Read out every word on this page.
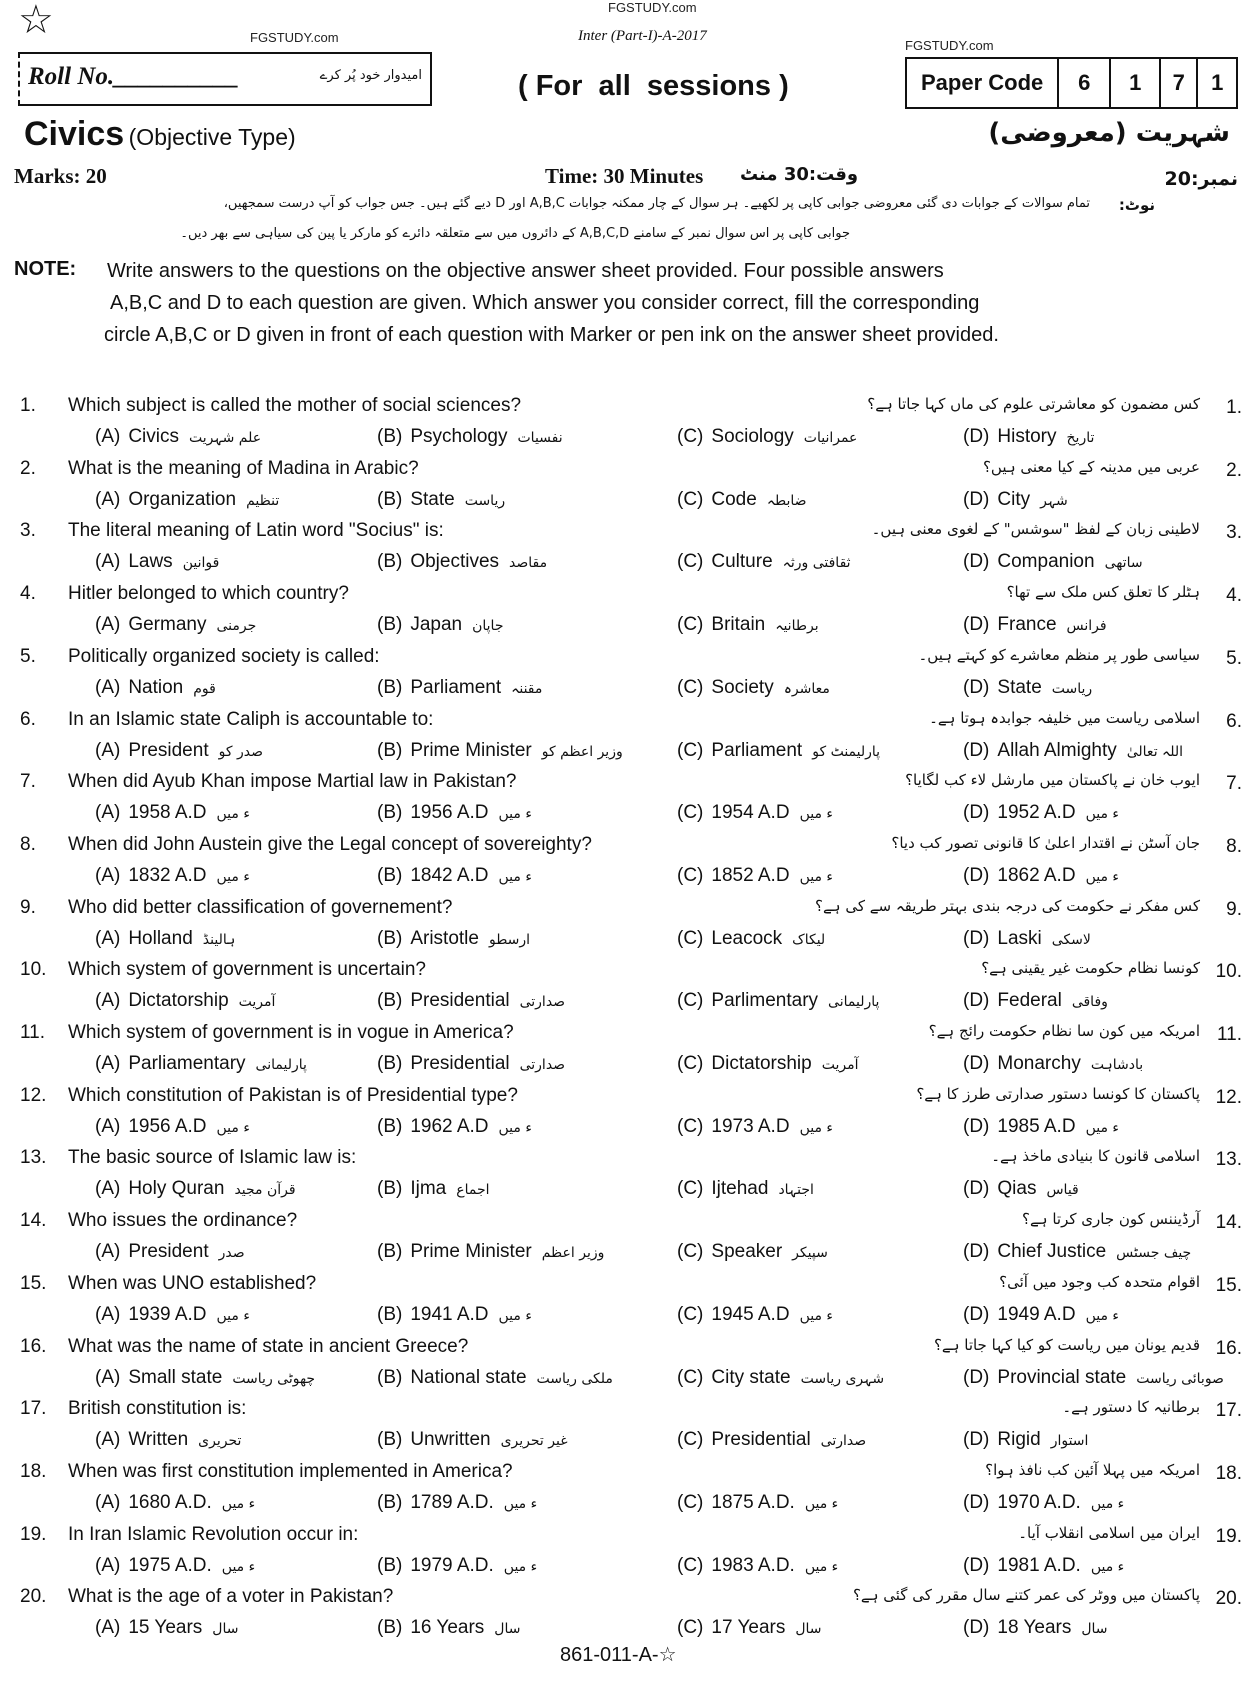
☆	FGSTUDY.com
FGSTUDY.com
FGSTUDY.com
Inter (Part-I)-A-2017
Roll No.__________	امیدوار خود پُر کرے	( For  all  sessions )	Paper Code	6	1	7	1
Civics (Objective Type)	شہریت (معروضی)
Marks: 20	Time: 30 Minutes وقت:30 منٹ	نمبر:20
نوٹ:
تمام سوالات کے جوابات دی گئی معروضی جوابی کاپی پر لکھیے۔ ہر سوال کے چار ممکنہ جوابات A,B,C اور D دیے گئے ہیں۔ جس جواب کو آپ درست سمجھیں،
جوابی کاپی پر اس سوال نمبر کے سامنے A,B,C,D کے دائروں میں سے متعلقہ دائرے کو مارکر یا پین کی سیاہی سے بھر دیں۔
NOTE: Write answers to the questions on the objective answer sheet provided. Four possible answers
A,B,C and D to each question are given. Which answer you consider correct, fill the corresponding
circle A,B,C or D given in front of each question with Marker or pen ink on the answer sheet provided.
1. Which subject is called the mother of social sciences?	کس مضمون کو معاشرتی علوم کی ماں کہا جاتا ہے؟ 1.
(A) Civics علم شہریت	(B) Psychology نفسیات	(C) Sociology عمرانیات	(D) History تاریخ
2. What is the meaning of Madina in Arabic?	عربی میں مدینہ کے کیا معنی ہیں؟ 2.
(A) Organization تنظیم	(B) State ریاست	(C) Code ضابطہ	(D) City شہر
3. The literal meaning of Latin word "Socius" is:	لاطینی زبان کے لفظ "سوشس" کے لغوی معنی ہیں۔ 3.
(A) Laws قوانین	(B) Objectives مقاصد	(C) Culture ثقافتی ورثہ	(D) Companion ساتھی
4. Hitler belonged to which country?	ہٹلر کا تعلق کس ملک سے تھا؟ 4.
(A) Germany جرمنی	(B) Japan جاپان	(C) Britain برطانیہ	(D) France فرانس
5. Politically organized society is called:	سیاسی طور پر منظم معاشرے کو کہتے ہیں۔ 5.
(A) Nation قوم	(B) Parliament مقننہ	(C) Society معاشرہ	(D) State ریاست
6. In an Islamic state Caliph is accountable to:	اسلامی ریاست میں خلیفہ جوابدہ ہوتا ہے۔ 6.
(A) President صدر کو	(B) Prime Minister وزیر اعظم کو	(C) Parliament پارلیمنٹ کو	(D) Allah Almighty اللہ تعالیٰ
7. When did Ayub Khan impose Martial law in Pakistan?	ایوب خان نے پاکستان میں مارشل لاء کب لگایا؟ 7.
(A) 1958 A.D ء میں	(B) 1956 A.D ء میں	(C) 1954 A.D ء میں	(D) 1952 A.D ء میں
8. When did John Austein give the Legal concept of sovereighty?	جان آسٹن نے اقتدار اعلیٰ کا قانونی تصور کب دیا؟ 8.
(A) 1832 A.D ء میں	(B) 1842 A.D ء میں	(C) 1852 A.D ء میں	(D) 1862 A.D ء میں
9. Who did better classification of governement?	کس مفکر نے حکومت کی درجہ بندی بہتر طریقہ سے کی ہے؟ 9.
(A) Holland ہالینڈ	(B) Aristotle ارسطو	(C) Leacock لیکاک	(D) Laski لاسکی
10. Which system of government is uncertain?	کونسا نظام حکومت غیر یقینی ہے؟ 10.
(A) Dictatorship آمریت	(B) Presidential صدارتی	(C) Parlimentary پارلیمانی	(D) Federal وفاقی
11. Which system of government is in vogue in America?	امریکہ میں کون سا نظام حکومت رائج ہے؟ 11.
(A) Parliamentary پارلیمانی	(B) Presidential صدارتی	(C) Dictatorship آمریت	(D) Monarchy بادشاہت
12. Which constitution of Pakistan is of Presidential type?	پاکستان کا کونسا دستور صدارتی طرز کا ہے؟ 12.
(A) 1956 A.D ء میں	(B) 1962 A.D ء میں	(C) 1973 A.D ء میں	(D) 1985 A.D ء میں
13. The basic source of Islamic law is:	اسلامی قانون کا بنیادی ماخذ ہے۔ 13.
(A) Holy Quran قرآن مجید	(B) Ijma اجماع	(C) Ijtehad اجتہاد	(D) Qias قیاس
14. Who issues the ordinance?	آرڈیننس کون جاری کرتا ہے؟ 14.
(A) President صدر	(B) Prime Minister وزیر اعظم	(C) Speaker سپیکر	(D) Chief Justice چیف جسٹس
15. When was UNO established?	اقوام متحدہ کب وجود میں آئی؟ 15.
(A) 1939 A.D ء میں	(B) 1941 A.D ء میں	(C) 1945 A.D ء میں	(D) 1949 A.D ء میں
16. What was the name of state in ancient Greece?	قدیم یونان میں ریاست کو کیا کہا جاتا ہے؟ 16.
(A) Small state چھوٹی ریاست	(B) National state ملکی ریاست	(C) City state شہری ریاست	(D) Provincial state صوبائی ریاست
17. British constitution is:	برطانیہ کا دستور ہے۔ 17.
(A) Written تحریری	(B) Unwritten غیر تحریری	(C) Presidential صدارتی	(D) Rigid استوار
18. When was first constitution implemented in America?	امریکہ میں پہلا آئین کب نافذ ہوا؟ 18.
(A) 1680 A.D. ء میں	(B) 1789 A.D. ء میں	(C) 1875 A.D. ء میں	(D) 1970 A.D. ء میں
19. In Iran Islamic Revolution occur in:	ایران میں اسلامی انقلاب آیا۔ 19.
(A) 1975 A.D. ء میں	(B) 1979 A.D. ء میں	(C) 1983 A.D. ء میں	(D) 1981 A.D. ء میں
20. What is the age of a voter in Pakistan?	پاکستان میں ووٹر کی عمر کتنے سال مقرر کی گئی ہے؟ 20.
(A) 15 Years سال	(B) 16 Years سال	(C) 17 Years سال	(D) 18 Years سال
861-011-A-☆
